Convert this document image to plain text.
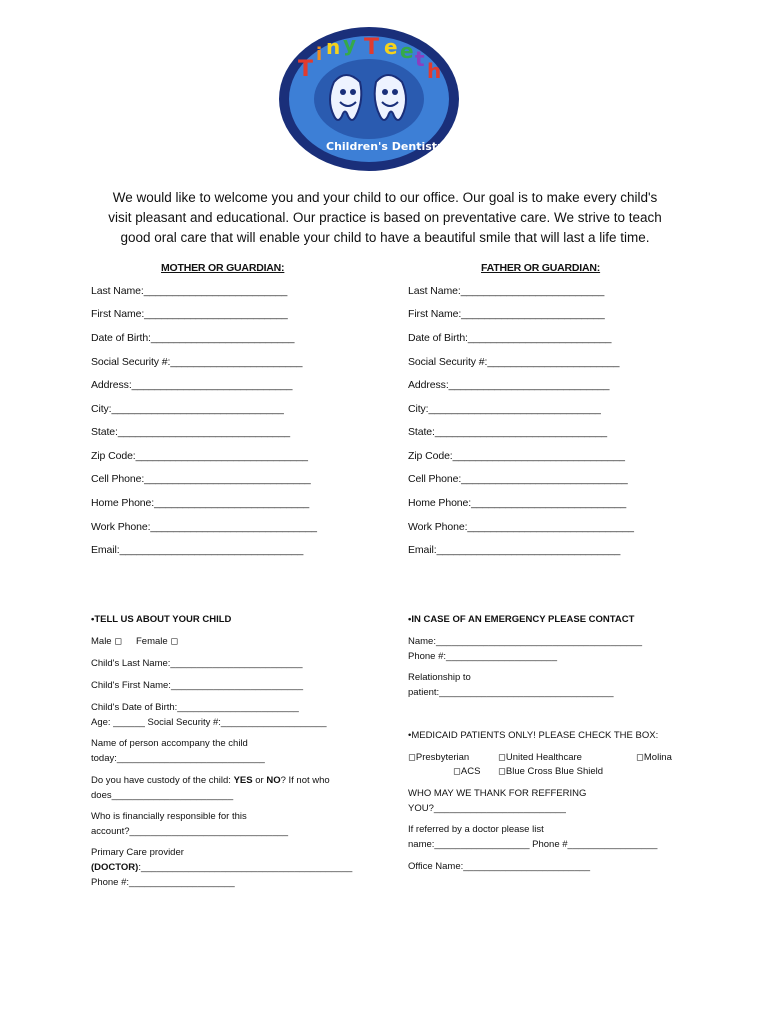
T
i n y T e e t h
Children's Dentistry
We would like to welcome you and your child to our office. Our goal is to make every child's
visit pleasant and educational. Our practice is based on preventative care. We strive to teach
good oral care that will enable your child to have a beautiful smile that will last a life time.
MOTHER OR GUARDIAN:	FATHER OR GUARDIAN:
Last Name:_________________________
First Name:_________________________
Date of Birth:_________________________
Social Security #:_______________________
Address:____________________________
City:______________________________
State:______________________________
Zip Code:______________________________
Cell Phone:_____________________________
Home Phone:___________________________
Work Phone:_____________________________
Email:________________________________
Last Name:_________________________
First Name:_________________________
Date of Birth:_________________________
Social Security #:_______________________
Address:____________________________
City:______________________________
State:______________________________
Zip Code:______________________________
Cell Phone:_____________________________
Home Phone:___________________________
Work Phone:_____________________________
Email:________________________________
•TELL US ABOUT YOUR CHILD
Male ◻ Female ◻
Child's Last Name:_________________________
Child's First Name:_________________________
Child's Date of Birth:_______________________
Age: ______ Social Security #:____________________
Name of person accompany the child
today:____________________________
Do you have custody of the child: YES or NO? If not who
does_______________________
Who is financially responsible for this
account?______________________________
Primary Care provider
(DOCTOR):________________________________________
Phone #:____________________
•IN CASE OF AN EMERGENCY PLEASE CONTACT
Name:_______________________________________
Phone #:_____________________
Relationship to
patient:_________________________________
•MEDICAID PATIENTS ONLY! PLEASE CHECK THE BOX:
◻Presbyterian	◻United Healthcare	◻Molina
◻ACS ◻Blue Cross Blue Shield
WHO MAY WE THANK FOR REFFERING
YOU?_________________________
If referred by a doctor please list
name:__________________ Phone #_________________
Office Name:________________________
